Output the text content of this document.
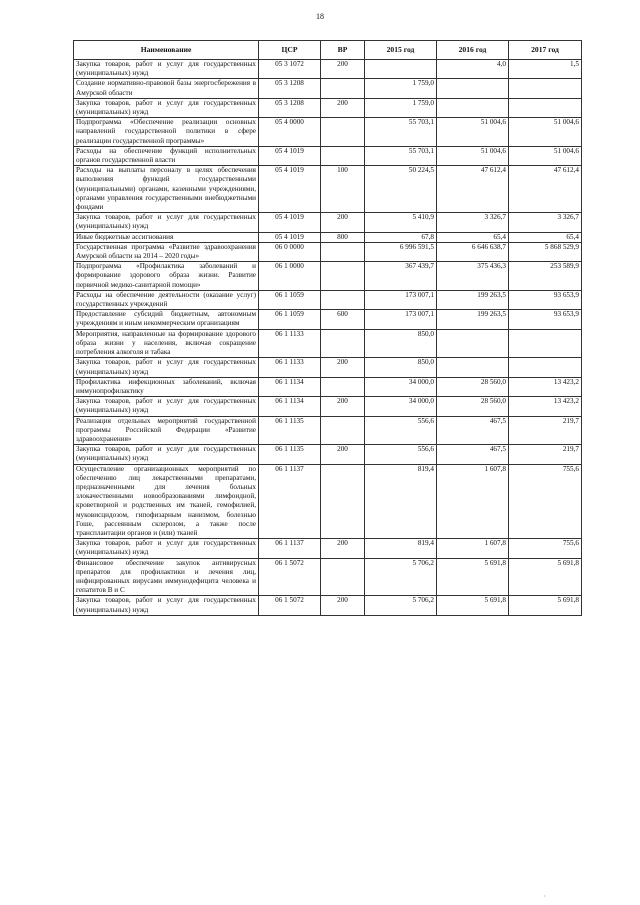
18
Наименование	ЦСР	ВР	2015 год	2016 год	2017 год
Закупка товаров, работ и услуг для государственных (муниципальных) нужд	05 3 1072	200		4,0	1,5
Создание нормативно-правовой базы энергосбережения в Амурской области	05 3 1208		1 759,0		
Закупка товаров, работ и услуг для государственных (муниципальных) нужд	05 3 1208	200	1 759,0		
Подпрограмма «Обеспечение реализации основных направлений государственной политики в сфере реализации государственной программы»	05 4 0000		55 703,1	51 004,6	51 004,6
Расходы на обеспечение функций исполнительных органов государственной власти	05 4 1019		55 703,1	51 004,6	51 004,6
Расходы на выплаты персоналу в целях обеспечения выполнения функций государственными (муниципальными) органами, казенными учреждениями, органами управления государственными внебюджетными фондами	05 4 1019	100	50 224,5	47 612,4	47 612,4
Закупка товаров, работ и услуг для государственных (муниципальных) нужд	05 4 1019	200	5 410,9	3 326,7	3 326,7
Иные бюджетные ассигнования	05 4 1019	800	67,8	65,4	65,4
Государственная программа «Развитие здравоохранения Амурской области на 2014 – 2020 годы»	06 0 0000		6 996 591,5	6 646 638,7	5 868 529,9
Подпрограмма «Профилактика заболеваний и формирование здорового образа жизни. Развитие первичной медико-санитарной помощи»	06 1 0000		367 439,7	375 436,3	253 589,9
Расходы на обеспечение деятельности (оказание услуг) государственных учреждений	06 1 1059		173 007,1	199 263,5	93 653,9
Предоставление субсидий бюджетным, автономным учреждениям и иным некоммерческим организациям	06 1 1059	600	173 007,1	199 263,5	93 653,9
Мероприятия, направленные на формирование здорового образа жизни у населения, включая сокращение потребления алкоголя и табака	06 1 1133		850,0		
Закупка товаров, работ и услуг для государственных (муниципальных) нужд	06 1 1133	200	850,0		
Профилактика инфекционных заболеваний, включая иммунопрофилактику	06 1 1134		34 000,0	28 560,0	13 423,2
Закупка товаров, работ и услуг для государственных (муниципальных) нужд	06 1 1134	200	34 000,0	28 560,0	13 423,2
Реализация отдельных мероприятий государственной программы Российской Федерации «Развитие здравоохранения»	06 1 1135		556,6	467,5	219,7
Закупка товаров, работ и услуг для государственных (муниципальных) нужд	06 1 1135	200	556,6	467,5	219,7
Осуществление организационных мероприятий по обеспечению лиц лекарственными препаратами, предназначенными для лечения больных злокачественными новообразованиями лимфоидной, кроветворной и родственных им тканей, гемофилией, муковисцидозом, гипофизарным нанизмом, болезнью Гоше, рассеянным склерозом, а также после трансплантации органов и (или) тканей	06 1 1137		819,4	1 607,8	755,6
Закупка товаров, работ и услуг для государственных (муниципальных) нужд	06 1 1137	200	819,4	1 607,8	755,6
Финансовое обеспечение закупок антивирусных препаратов для профилактики и лечения лиц, инфицированных вирусами иммунодефицита человека и гепатитов B и C	06 1 5072		5 706,2	5 691,8	5 691,8
Закупка товаров, работ и услуг для государственных (муниципальных) нужд	06 1 5072	200	5 706,2	5 691,8	5 691,8
·
